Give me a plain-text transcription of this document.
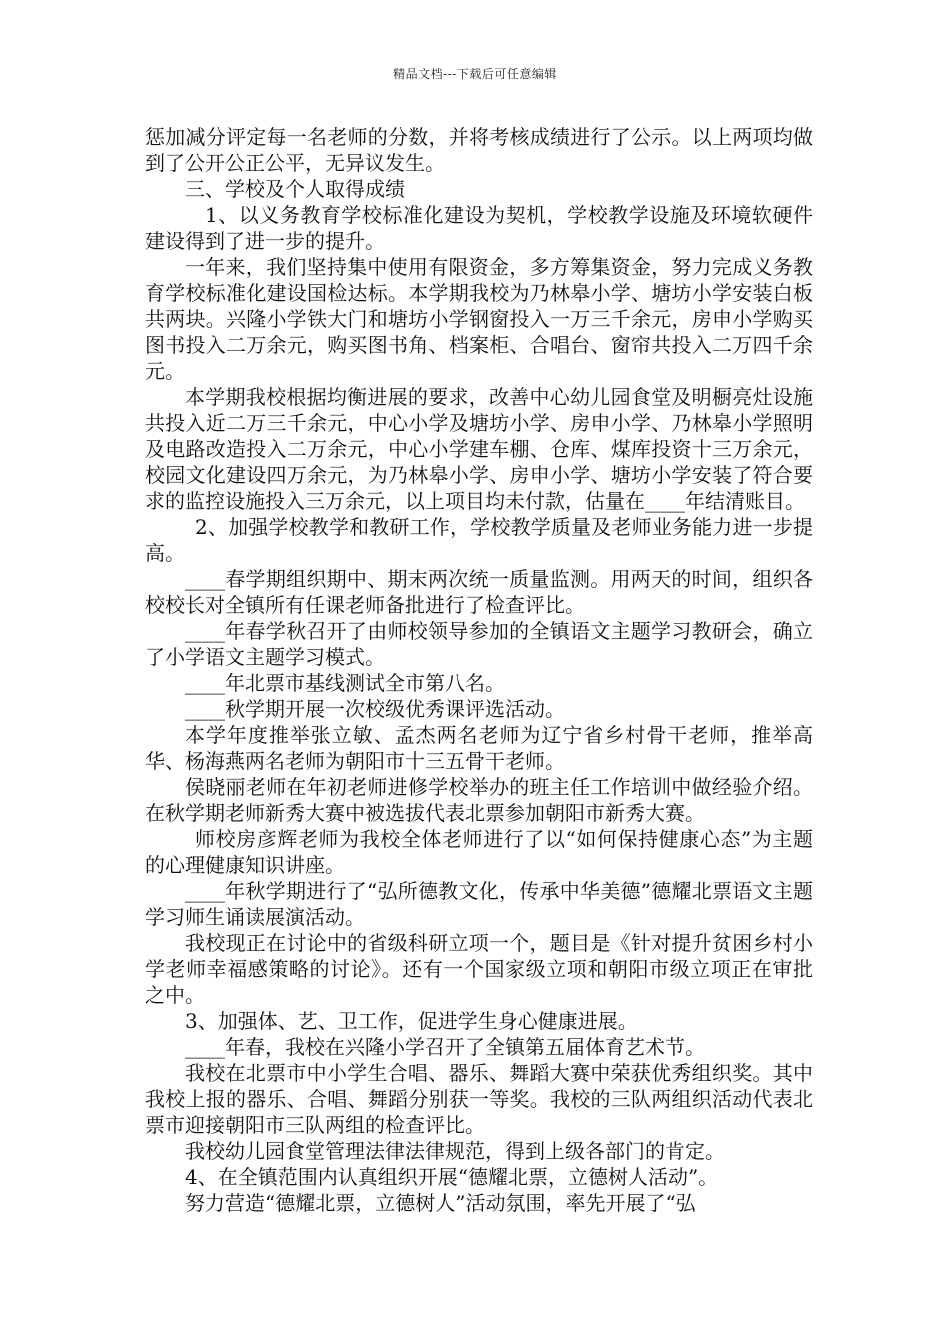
精品文档---下载后可任意编辑

惩加减分评定每一名老师的分数，并将考核成绩进行了公示。以上两项均做到了公开公正公平，无异议发生。

三、学校及个人取得成绩

1、以义务教育学校标准化建设为契机，学校教学设施及环境软硬件建设得到了进一步的提升。

一年来，我们坚持集中使用有限资金，多方筹集资金，努力完成义务教育学校标准化建设国检达标。本学期我校为乃林皋小学、塘坊小学安装白板共两块。兴隆小学铁大门和塘坊小学钢窗投入一万三千余元，房申小学购买图书投入二万余元，购买图书角、档案柜、合唱台、窗帘共投入二万四千余元。

本学期我校根据均衡进展的要求，改善中心幼儿园食堂及明橱亮灶设施共投入近二万三千余元，中心小学及塘坊小学、房申小学、乃林皋小学照明及电路改造投入二万余元，中心小学建车棚、仓库、煤库投资十三万余元，校园文化建设四万余元，为乃林皋小学、房申小学、塘坊小学安装了符合要求的监控设施投入三万余元，以上项目均未付款，估量在____年结清账目。

2、加强学校教学和教研工作，学校教学质量及老师业务能力进一步提高。

____春学期组织期中、期末两次统一质量监测。用两天的时间，组织各校校长对全镇所有任课老师备批进行了检查评比。

____年春学秋召开了由师校领导参加的全镇语文主题学习教研会，确立了小学语文主题学习模式。

____年北票市基线测试全市第八名。

____秋学期开展一次校级优秀课评选活动。

本学年度推举张立敏、孟杰两名老师为辽宁省乡村骨干老师，推举高华、杨海燕两名老师为朝阳市十三五骨干老师。

侯晓丽老师在年初老师进修学校举办的班主任工作培训中做经验介绍。在秋学期老师新秀大赛中被选拔代表北票参加朝阳市新秀大赛。

师校房彦辉老师为我校全体老师进行了以“如何保持健康心态”为主题的心理健康知识讲座。

____年秋学期进行了“弘所德教文化，传承中华美德”德耀北票语文主题学习师生诵读展演活动。

我校现正在讨论中的省级科研立项一个，题目是《针对提升贫困乡村小学老师幸福感策略的讨论》。还有一个国家级立项和朝阳市级立项正在审批之中。

3、加强体、艺、卫工作，促进学生身心健康进展。

____年春，我校在兴隆小学召开了全镇第五届体育艺术节。

我校在北票市中小学生合唱、器乐、舞蹈大赛中荣获优秀组织奖。其中我校上报的器乐、合唱、舞蹈分别获一等奖。我校的三队两组织活动代表北票市迎接朝阳市三队两组的检查评比。

我校幼儿园食堂管理法律法律规范，得到上级各部门的肯定。

4、在全镇范围内认真组织开展“德耀北票，立德树人活动”。

努力营造“德耀北票，立德树人”活动氛围，率先开展了“弘
